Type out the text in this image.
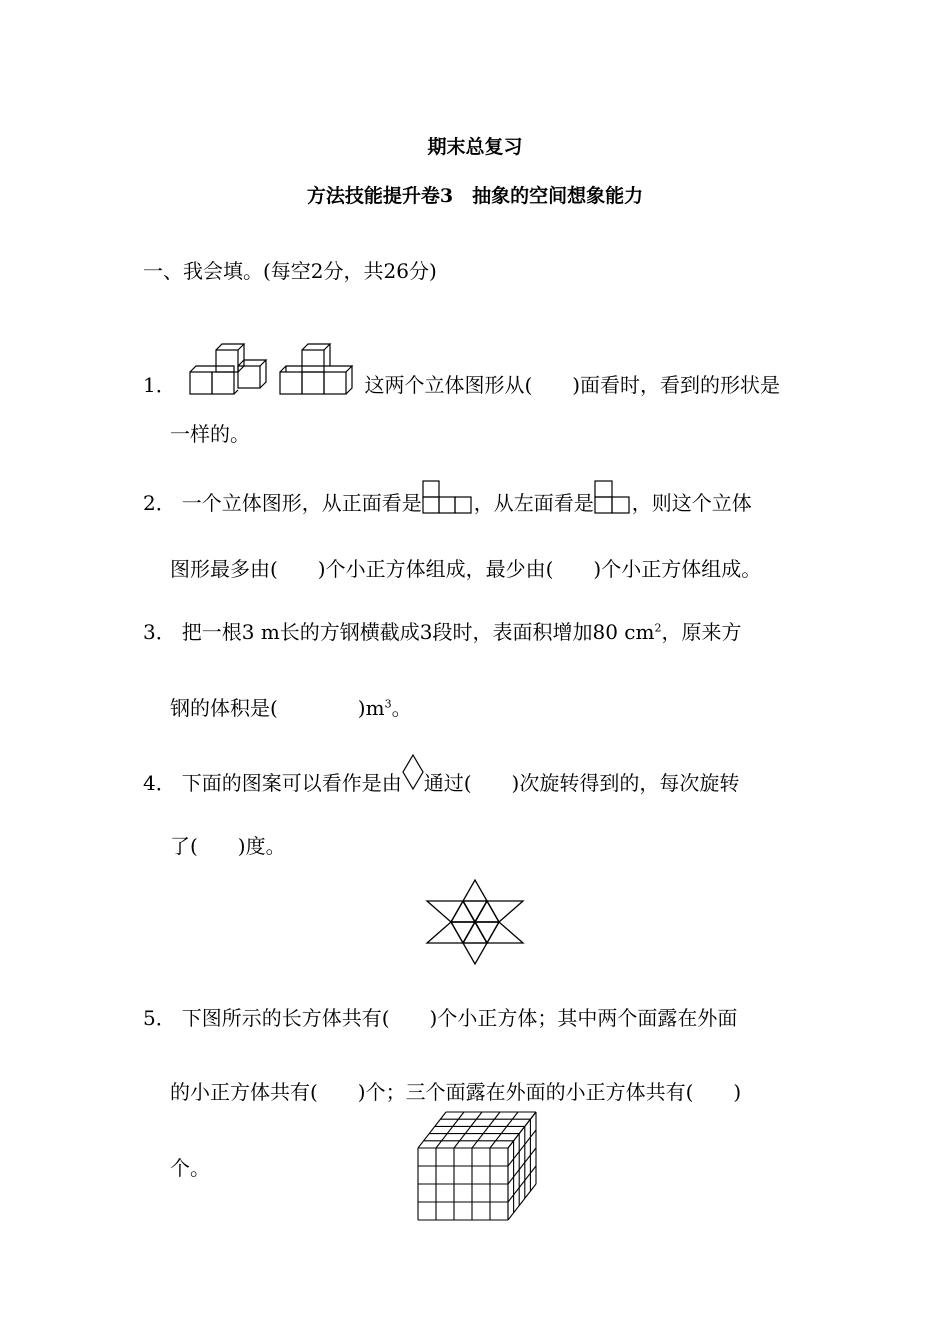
期末总复习
方法技能提升卷3　抽象的空间想象能力
一、我会填。(每空2分，共26分)
1．	这两个立体图形从(　　)面看时，看到的形状是
一样的。
2． 一个立体图形，从正面看是	，从左面看是 ，则这个立体
图形最多由(　　)个小正方体组成，最少由(　　)个小正方体组成。
3． 把一根3 m长的方钢横截成3段时，表面积增加80 $cm^2$，原来方
钢的体积是(　　　　)$m^3$。
4． 下面的图案可以看作是由 通过(　　)次旋转得到的，每次旋转
了(　　)度。
5． 下图所示的长方体共有(　　)个小正方体；其中两个面露在外面
的小正方体共有(　　)个；三个面露在外面的小正方体共有(　　)
个。
